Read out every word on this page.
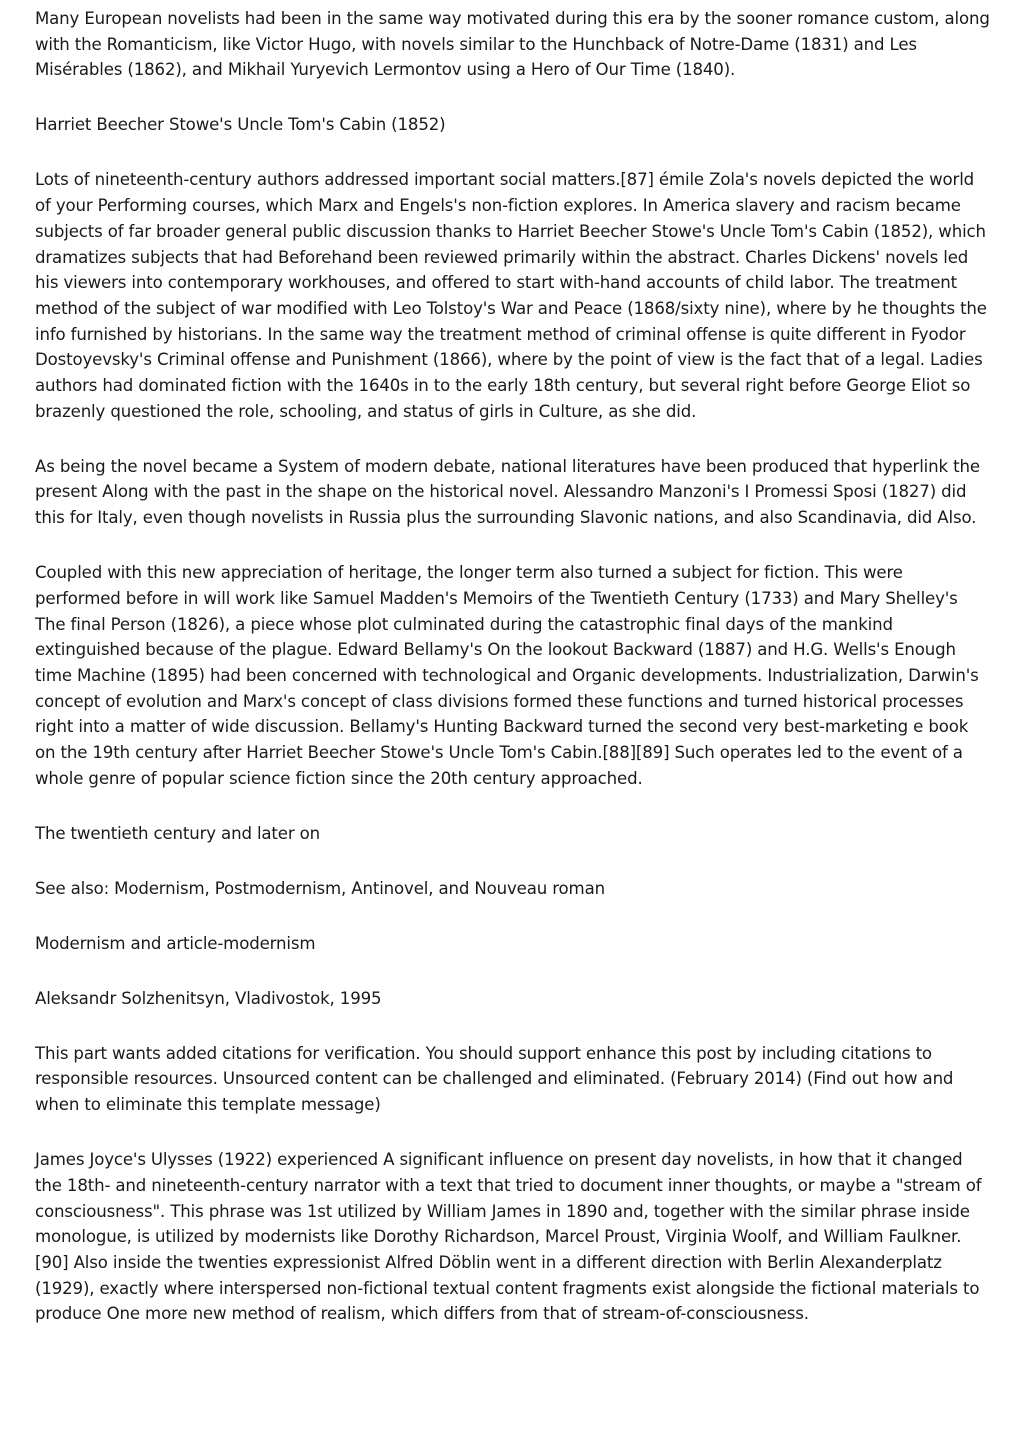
Many European novelists had been in the same way motivated during this era by the sooner romance custom, along with the Romanticism, like Victor Hugo, with novels similar to the Hunchback of Notre-Dame (1831) and Les Misérables (1862), and Mikhail Yuryevich Lermontov using a Hero of Our Time (1840).

Harriet Beecher Stowe's Uncle Tom's Cabin (1852)

Lots of nineteenth-century authors addressed important social matters.[87] émile Zola's novels depicted the world of your Performing courses, which Marx and Engels's non-fiction explores. In America slavery and racism became subjects of far broader general public discussion thanks to Harriet Beecher Stowe's Uncle Tom's Cabin (1852), which dramatizes subjects that had Beforehand been reviewed primarily within the abstract. Charles Dickens' novels led his viewers into contemporary workhouses, and offered to start with-hand accounts of child labor. The treatment method of the subject of war modified with Leo Tolstoy's War and Peace (1868/sixty nine), where by he thoughts the info furnished by historians. In the same way the treatment method of criminal offense is quite different in Fyodor Dostoyevsky's Criminal offense and Punishment (1866), where by the point of view is the fact that of a legal. Ladies authors had dominated fiction with the 1640s in to the early 18th century, but several right before George Eliot so brazenly questioned the role, schooling, and status of girls in Culture, as she did.

As being the novel became a System of modern debate, national literatures have been produced that hyperlink the present Along with the past in the shape on the historical novel. Alessandro Manzoni's I Promessi Sposi (1827) did this for Italy, even though novelists in Russia plus the surrounding Slavonic nations, and also Scandinavia, did Also.

Coupled with this new appreciation of heritage, the longer term also turned a subject for fiction. This were performed before in will work like Samuel Madden's Memoirs of the Twentieth Century (1733) and Mary Shelley's The final Person (1826), a piece whose plot culminated during the catastrophic final days of the mankind extinguished because of the plague. Edward Bellamy's On the lookout Backward (1887) and H.G. Wells's Enough time Machine (1895) had been concerned with technological and Organic developments. Industrialization, Darwin's concept of evolution and Marx's concept of class divisions formed these functions and turned historical processes right into a matter of wide discussion. Bellamy's Hunting Backward turned the second very best-marketing e book on the 19th century after Harriet Beecher Stowe's Uncle Tom's Cabin.[88][89] Such operates led to the event of a whole genre of popular science fiction since the 20th century approached.

The twentieth century and later on

See also: Modernism, Postmodernism, Antinovel, and Nouveau roman

Modernism and article-modernism

Aleksandr Solzhenitsyn, Vladivostok, 1995

This part wants added citations for verification. You should support enhance this post by including citations to responsible resources. Unsourced content can be challenged and eliminated. (February 2014) (Find out how and when to eliminate this template message)

James Joyce's Ulysses (1922) experienced A significant influence on present day novelists, in how that it changed the 18th- and nineteenth-century narrator with a text that tried to document inner thoughts, or maybe a "stream of consciousness". This phrase was 1st utilized by William James in 1890 and, together with the similar phrase inside monologue, is utilized by modernists like Dorothy Richardson, Marcel Proust, Virginia Woolf, and William Faulkner.[90] Also inside the twenties expressionist Alfred Döblin went in a different direction with Berlin Alexanderplatz (1929), exactly where interspersed non-fictional textual content fragments exist alongside the fictional materials to produce One more new method of realism, which differs from that of stream-of-consciousness.
